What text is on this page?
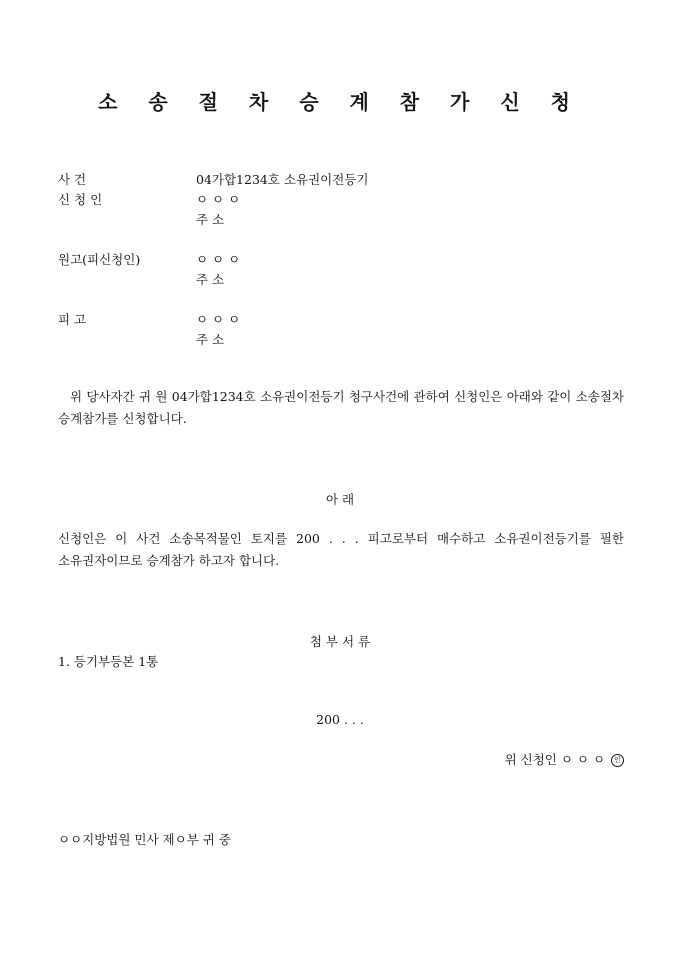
소 송 절 차 승 계 참 가 신 청
사 건	04가합1234호 소유권이전등기
신 청 인	ㅇ ㅇ ㅇ
주 소
원고(피신청인)	ㅇ ㅇ ㅇ
주 소
피 고	ㅇ ㅇ ㅇ
주 소
위 당사자간 귀 원 04가합1234호 소유권이전등기 청구사건에 관하여 신청인은 아래와 같이 소송절차 승계참가를 신청합니다.
아 래
신청인은 이 사건 소송목적물인 토지를 200 . . . 피고로부터 매수하고 소유권이전등기를 필한 소유권자이므로 승계참가 하고자 합니다.
첨 부 서 류
1. 등기부등본 1통
200 . . .
위 신청인 ㅇ ㅇ ㅇ 인
ㅇㅇ지방법원 민사 제ㅇ부 귀 중
